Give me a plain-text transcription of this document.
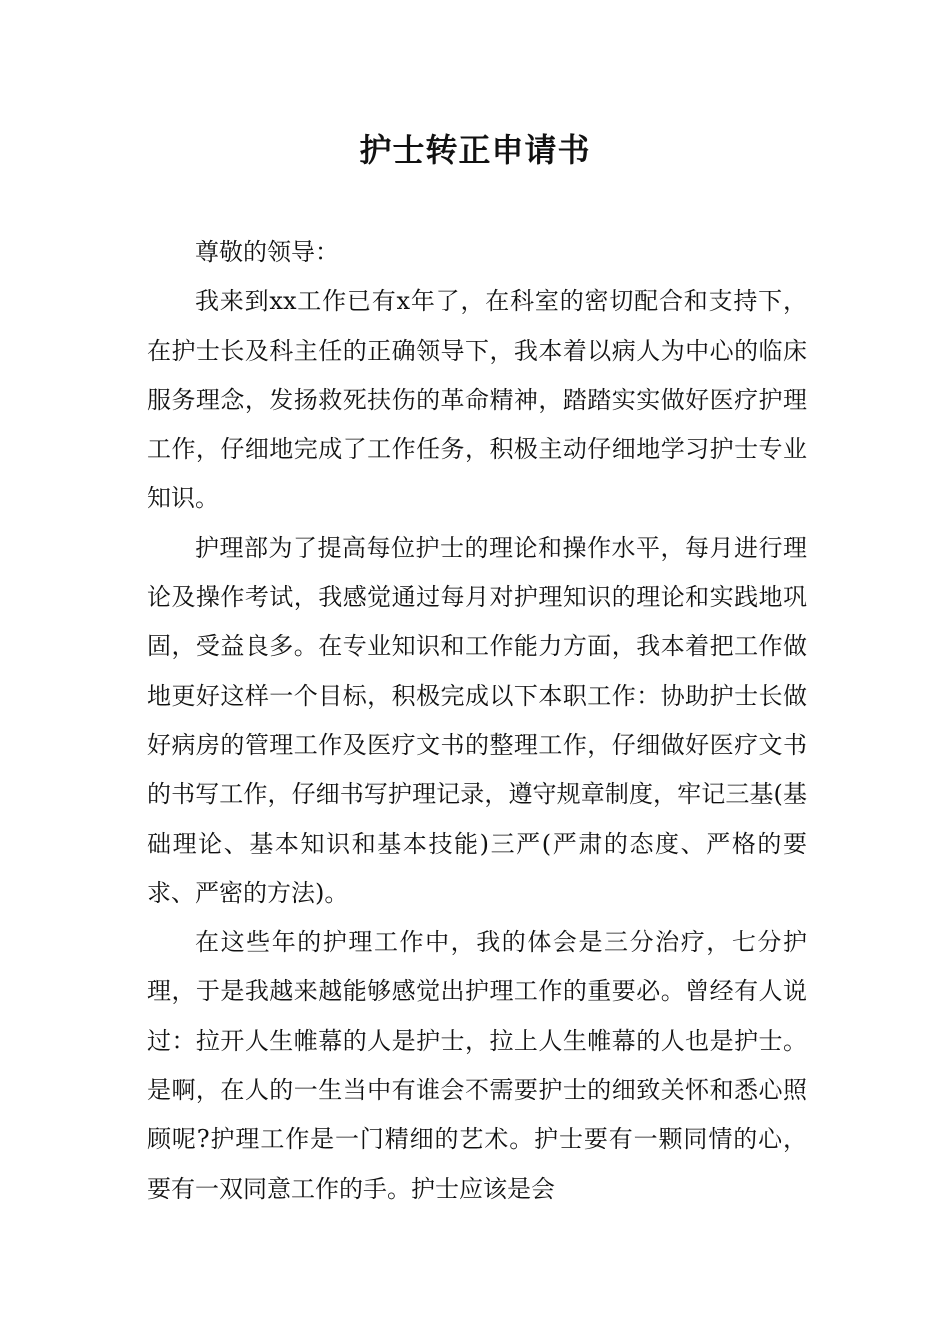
护士转正申请书

尊敬的领导：

我来到xx工作已有x年了，在科室的密切配合和支持下，在护士长及科主任的正确领导下，我本着以病人为中心的临床服务理念，发扬救死扶伤的革命精神，踏踏实实做好医疗护理工作，仔细地完成了工作任务，积极主动仔细地学习护士专业知识。

护理部为了提高每位护士的理论和操作水平，每月进行理论及操作考试，我感觉通过每月对护理知识的理论和实践地巩固，受益良多。在专业知识和工作能力方面，我本着把工作做地更好这样一个目标，积极完成以下本职工作：协助护士长做好病房的管理工作及医疗文书的整理工作，仔细做好医疗文书的书写工作，仔细书写护理记录，遵守规章制度，牢记三基(基础理论、基本知识和基本技能)三严(严肃的态度、严格的要求、严密的方法)。

在这些年的护理工作中，我的体会是三分治疗，七分护理，于是我越来越能够感觉出护理工作的重要必。曾经有人说过：拉开人生帷幕的人是护士，拉上人生帷幕的人也是护士。是啊，在人的一生当中有谁会不需要护士的细致关怀和悉心照顾呢?护理工作是一门精细的艺术。护士要有一颗同情的心，要有一双同意工作的手。护士应该是会
